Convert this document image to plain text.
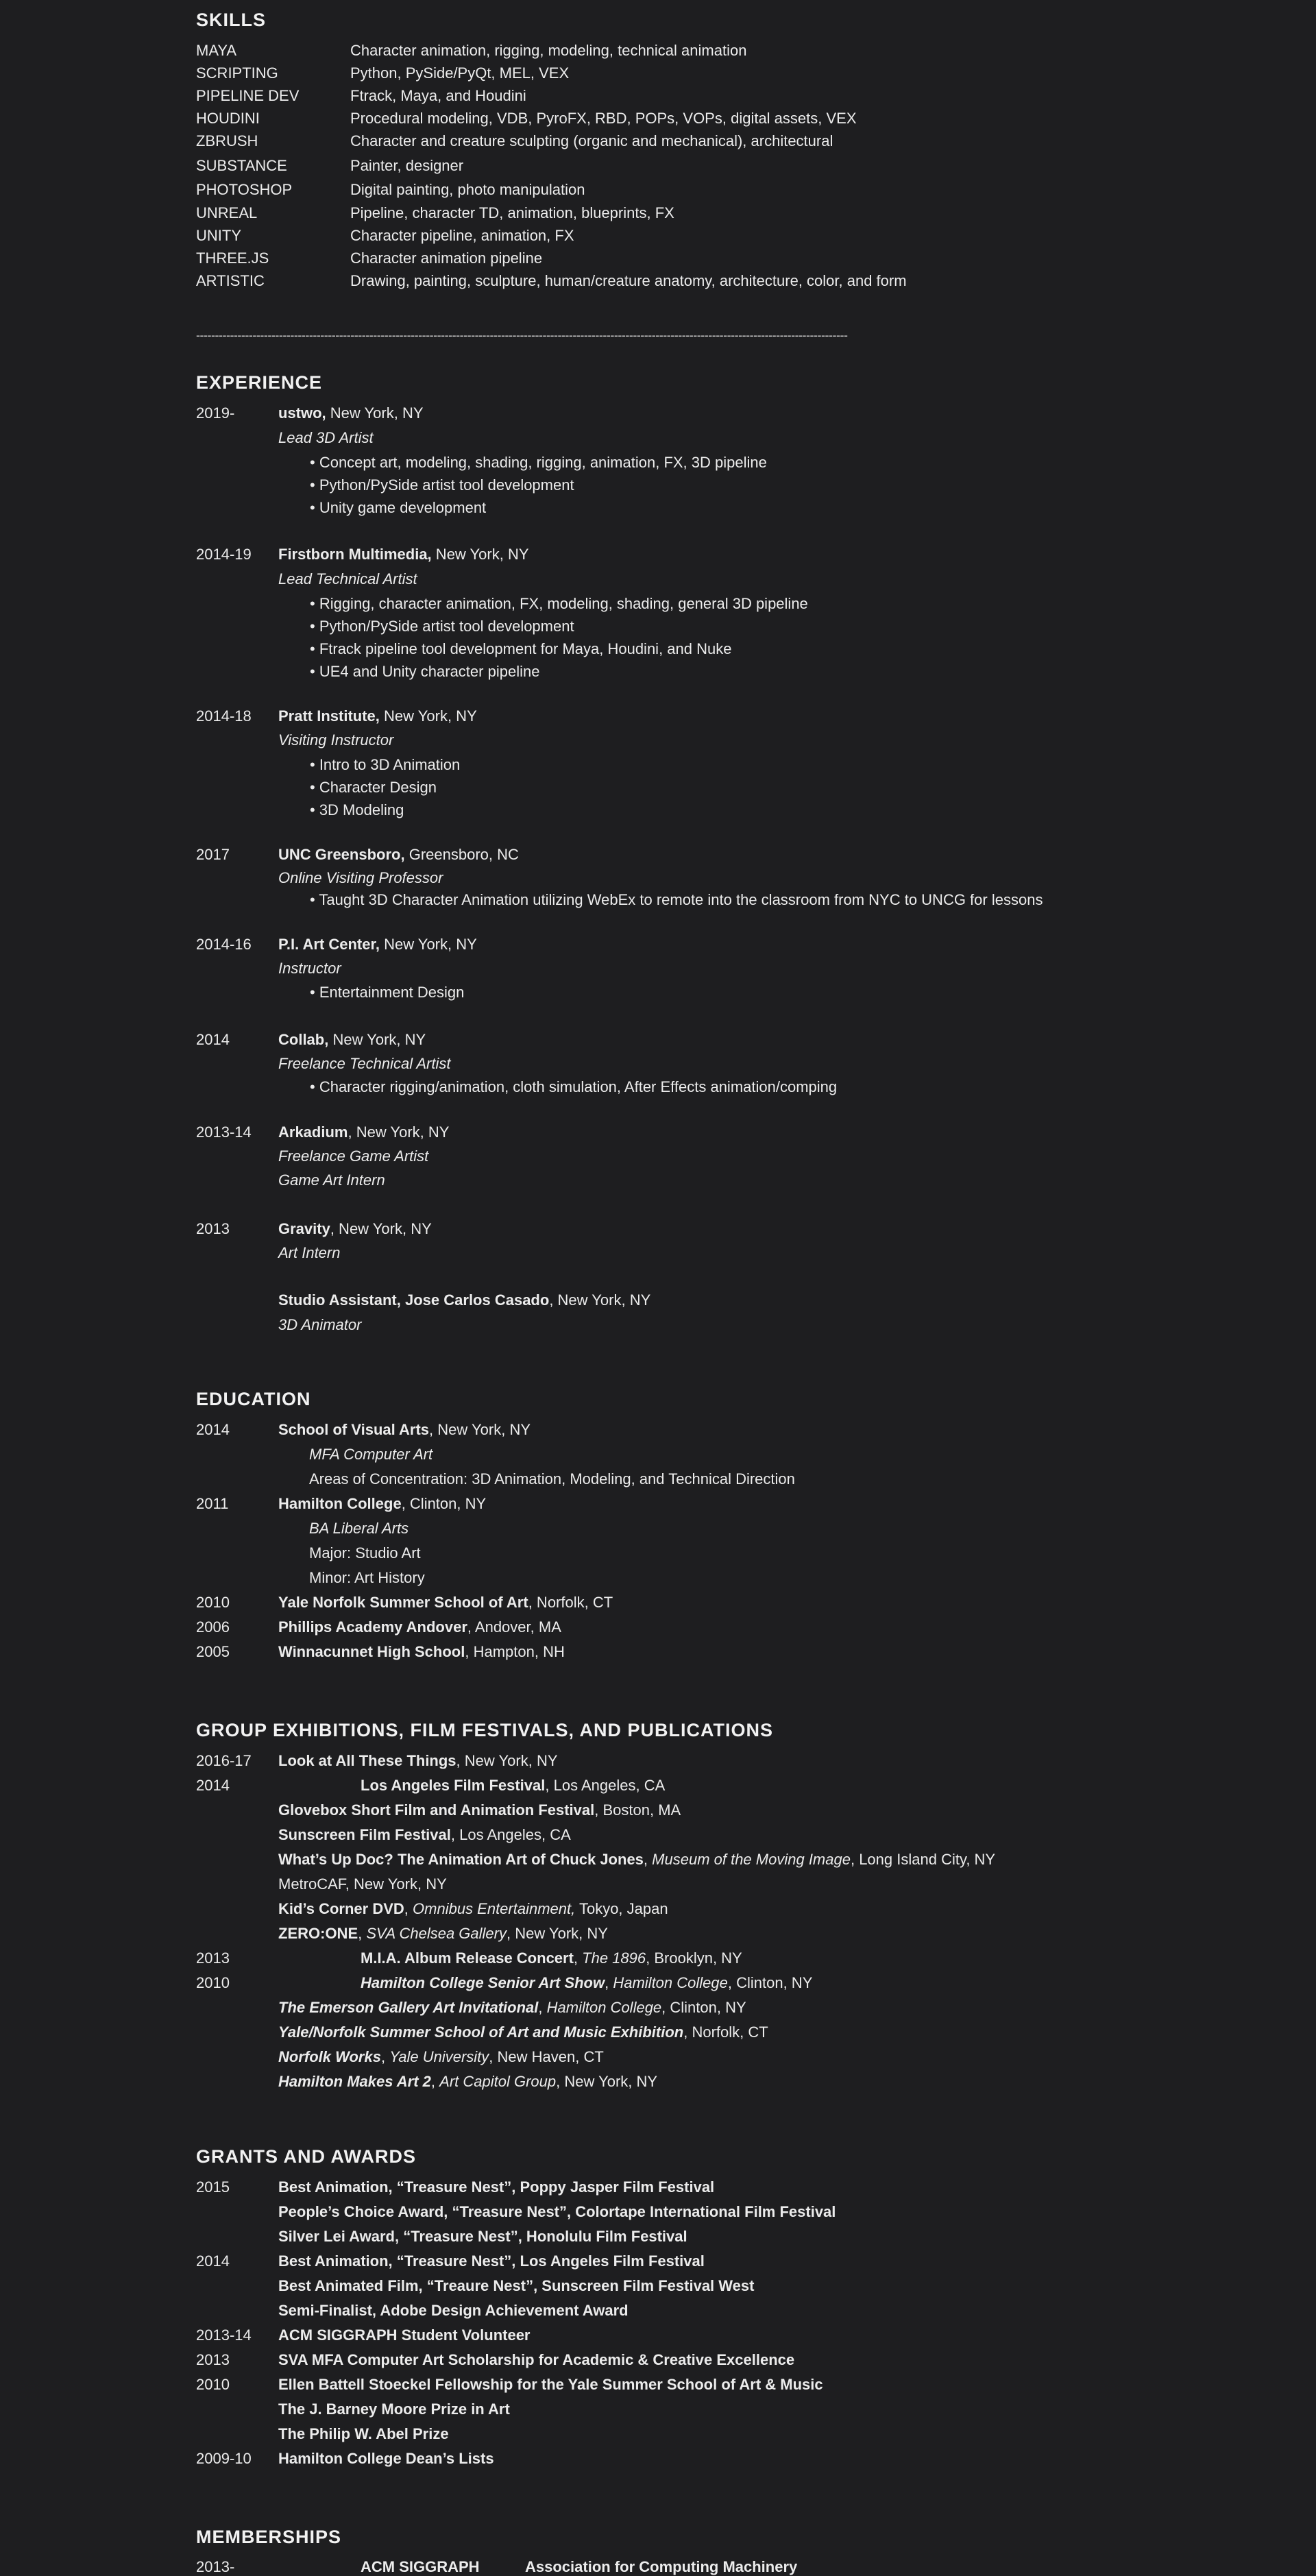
SKILLS
MAYA	Character animation, rigging, modeling, technical animation
SCRIPTING	Python, PySide/PyQt, MEL, VEX
PIPELINE DEV	Ftrack, Maya, and Houdini
HOUDINI	Procedural modeling, VDB, PyroFX, RBD, POPs, VOPs, digital assets, VEX
ZBRUSH	Character and creature sculpting (organic and mechanical), architectural
SUBSTANCE	Painter, designer
PHOTOSHOP	Digital painting, photo manipulation
UNREAL	Pipeline, character TD, animation, blueprints, FX
UNITY	Character pipeline, animation, FX
THREE.JS	Character animation pipeline
ARTISTIC	Drawing, painting, sculpture, human/creature anatomy, architecture, color, and form
-----------------------------------------------------------------------------------------------------------------------------------------------------------------------------
EXPERIENCE
2019-	ustwo, New York, NY
Lead 3D Artist
• Concept art, modeling, shading, rigging, animation, FX, 3D pipeline
• Python/PySide artist tool development
• Unity game development
2014-19 Firstborn Multimedia, New York, NY
Lead Technical Artist
• Rigging, character animation, FX, modeling, shading, general 3D pipeline
• Python/PySide artist tool development
• Ftrack pipeline tool development for Maya, Houdini, and Nuke
• UE4 and Unity character pipeline
2014-18 Pratt Institute, New York, NY
Visiting Instructor
• Intro to 3D Animation
• Character Design
• 3D Modeling
2017	UNC Greensboro, Greensboro, NC
Online Visiting Professor
• Taught 3D Character Animation utilizing WebEx to remote into the classroom from NYC to UNCG for lessons
2014-16 P.I. Art Center, New York, NY
Instructor
• Entertainment Design
2014	Collab, New York, NY
Freelance Technical Artist
• Character rigging/animation, cloth simulation, After Effects animation/comping
2013-14 Arkadium, New York, NY
Freelance Game Artist
Game Art Intern
2013	Gravity, New York, NY
Art Intern
Studio Assistant, Jose Carlos Casado, New York, NY
3D Animator
EDUCATION
2014	School of Visual Arts, New York, NY
MFA Computer Art
Areas of Concentration: 3D Animation, Modeling, and Technical Direction
2011	Hamilton College, Clinton, NY
BA Liberal Arts
Major: Studio Art
Minor: Art History
2010	Yale Norfolk Summer School of Art, Norfolk, CT
2006	Phillips Academy Andover, Andover, MA
2005	Winnacunnet High School, Hampton, NH
GROUP EXHIBITIONS, FILM FESTIVALS, AND PUBLICATIONS
2016-17 Look at All These Things, New York, NY
2014	Los Angeles Film Festival, Los Angeles, CA
Glovebox Short Film and Animation Festival, Boston, MA
Sunscreen Film Festival, Los Angeles, CA
What’s Up Doc? The Animation Art of Chuck Jones, Museum of the Moving Image, Long Island City, NY
MetroCAF, New York, NY
Kid’s Corner DVD, Omnibus Entertainment, Tokyo, Japan
ZERO:ONE, SVA Chelsea Gallery, New York, NY
2013	M.I.A. Album Release Concert, The 1896, Brooklyn, NY
2010	Hamilton College Senior Art Show, Hamilton College, Clinton, NY
The Emerson Gallery Art Invitational, Hamilton College, Clinton, NY
Yale/Norfolk Summer School of Art and Music Exhibition, Norfolk, CT
Norfolk Works, Yale University, New Haven, CT
Hamilton Makes Art 2, Art Capitol Group, New York, NY
GRANTS AND AWARDS
2015	Best Animation, “Treasure Nest”, Poppy Jasper Film Festival
People’s Choice Award, “Treasure Nest”, Colortape International Film Festival
Silver Lei Award, “Treasure Nest”, Honolulu Film Festival
2014	Best Animation, “Treasure Nest”, Los Angeles Film Festival
Best Animated Film, “Treaure Nest”, Sunscreen Film Festival West
Semi-Finalist, Adobe Design Achievement Award
2013-14 ACM SIGGRAPH Student Volunteer
2013	SVA MFA Computer Art Scholarship for Academic & Creative Excellence
2010	Ellen Battell Stoeckel Fellowship for the Yale Summer School of Art & Music
The J. Barney Moore Prize in Art
The Philip W. Abel Prize
2009-10 Hamilton College Dean’s Lists
MEMBERSHIPS
2013-	ACM SIGGRAPH	Association for Computing Machinery
